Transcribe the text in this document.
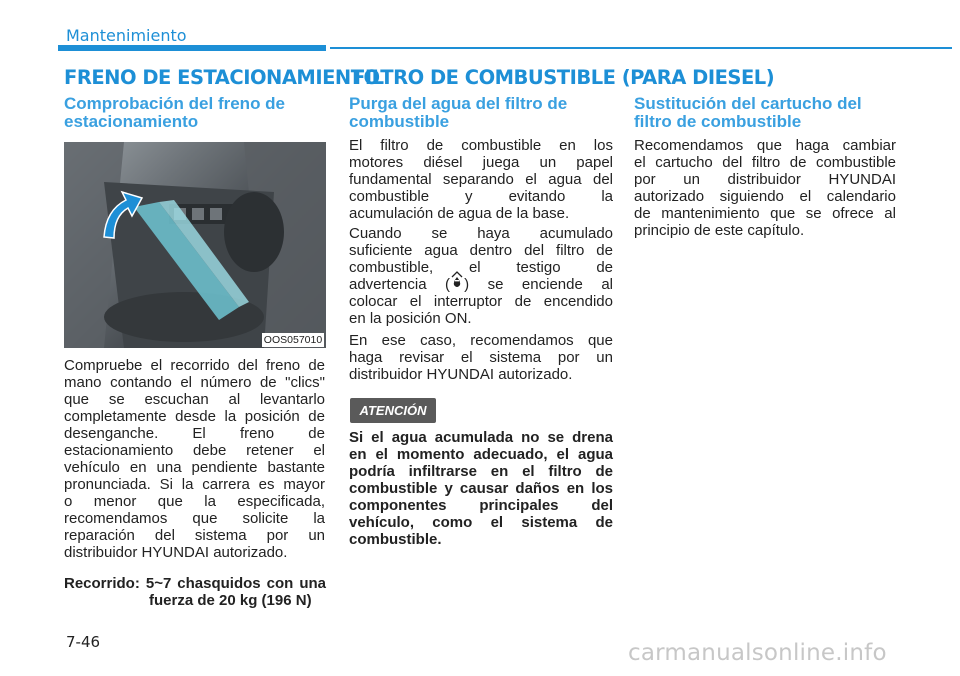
Mantenimiento
FRENO DE ESTACIONAMIENTO
FILTRO DE COMBUSTIBLE (PARA DIESEL)
Comprobación del freno de
estacionamiento
OOS057010
Compruebe el recorrido del freno de
mano contando el número de "clics"
que se escuchan al levantarlo
completamente desde la posición de
desenganche. El freno de
estacionamiento debe retener el
vehículo en una pendiente bastante
pronunciada. Si la carrera es mayor
o menor que la especificada,
recomendamos que solicite la
reparación del sistema por un
distribuidor HYUNDAI autorizado.
Recorrido: 5~7 chasquidos con una
fuerza de 20 kg (196 N)
Purga del agua del filtro de
combustible
El filtro de combustible en los
motores diésel juega un papel
fundamental separando el agua del
combustible y evitando la
acumulación de agua de la base.
Cuando se haya acumulado
suficiente agua dentro del filtro de
combustible, el testigo de
advertencia ( ) se enciende al
colocar el interruptor de encendido
en la posición ON.
En ese caso, recomendamos que
haga revisar el sistema por un
distribuidor HYUNDAI autorizado.
ATENCIÓN
Si el agua acumulada no se drena
en el momento adecuado, el agua
podría infiltrarse en el filtro de
combustible y causar daños en los
componentes principales del
vehículo, como el sistema de
combustible.
Sustitución del cartucho del
filtro de combustible
Recomendamos que haga cambiar
el cartucho del filtro de combustible
por un distribuidor HYUNDAI
autorizado siguiendo el calendario
de mantenimiento que se ofrece al
principio de este capítulo.
7-46	carmanualsonline.info
